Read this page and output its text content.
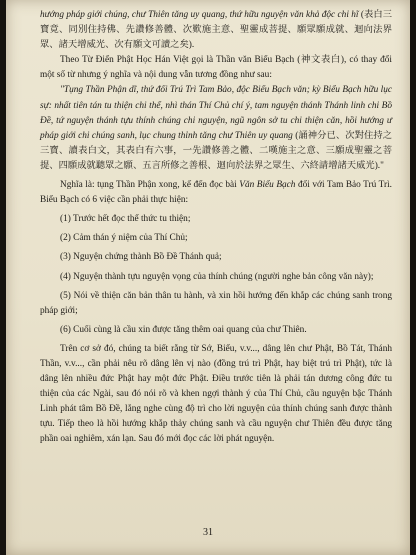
hướng pháp giới chúng, chư Thiên tăng uy quang, thứ hữu nguyện văn khả độc chi hĩ (表白三寶竟、同別住持佛、先讚修善體、次歎施主意、聖靈成菩提、願眾願成就、迴向法界眾、諸天增威光、次有願文可讀之矣).

Theo Từ Điển Phật Học Hán Việt gọi là Thần văn Biểu Bạch (神文表白), có thay đổi một số từ nhưng ý nghĩa và nội dung vẫn tương đồng như sau:

"Tụng Thần Phận dĩ, thứ đối Trú Trì Tam Bảo, độc Biểu Bạch văn; kỳ Biểu Bạch hữu lục sự: nhất tiên tán tu thiện chi thể, nhì thán Thí Chủ chí ý, tam nguyện thánh Thánh linh chi Bồ Đề, tứ nguyện thánh tựu thính chúng chi nguyện, ngũ ngôn sở tu chi thiện căn, hồi hướng ư pháp giới chi chúng sanh, lục chung thỉnh tăng chư Thiên uy quang (誦神分已、次對住持之三寶、讀表白文，其表白有六事，一先讚修善之體、二嘆施主之意、三願成聖靈之菩提、四願成就聽眾之願、五言所修之善根、迴向於法界之眾生、六終請增諸天威光)."

Nghĩa là: tụng Thần Phận xong, kế đến đọc bài Văn Biểu Bạch đối với Tam Bảo Trú Trì. Biểu Bạch có 6 việc cần phải thực hiện:

(1) Trước hết đọc thể thức tu thiện;

(2) Cảm thán ý niệm của Thí Chủ;

(3) Nguyện chứng thành Bồ Đề Thánh quả;

(4) Nguyện thành tựu nguyện vọng của thính chúng (người nghe bản công văn này);

(5) Nói về thiện căn bản thân tu hành, và xin hồi hướng đến khắp các chúng sanh trong pháp giới;

(6) Cuối cùng là cầu xin được tăng thêm oai quang của chư Thiên.

Trên cơ sở đó, chúng ta biết rằng từ Sớ, Biểu, v.v..., dâng lên chư Phật, Bồ Tát, Thánh Thần, v.v..., cần phải nêu rõ dâng lên vị nào (đồng trú trì Phật, hay biệt trú trì Phật), tức là dâng lên nhiều đức Phật hay một đức Phật. Điều trước tiên là phải tán dương công đức tu thiện của các Ngài, sau đó nói rõ và khen ngợi thành ý của Thí Chủ, cầu nguyện bậc Thánh Linh phát tâm Bồ Đề, lắng nghe cùng độ trì cho lời nguyện của thính chúng sanh được thành tựu. Tiếp theo là hồi hướng khắp thảy chúng sanh và cầu nguyện chư Thiên đều được tăng phần oai nghiêm, xán lạn. Sau đó mới đọc các lời phát nguyện.

31
